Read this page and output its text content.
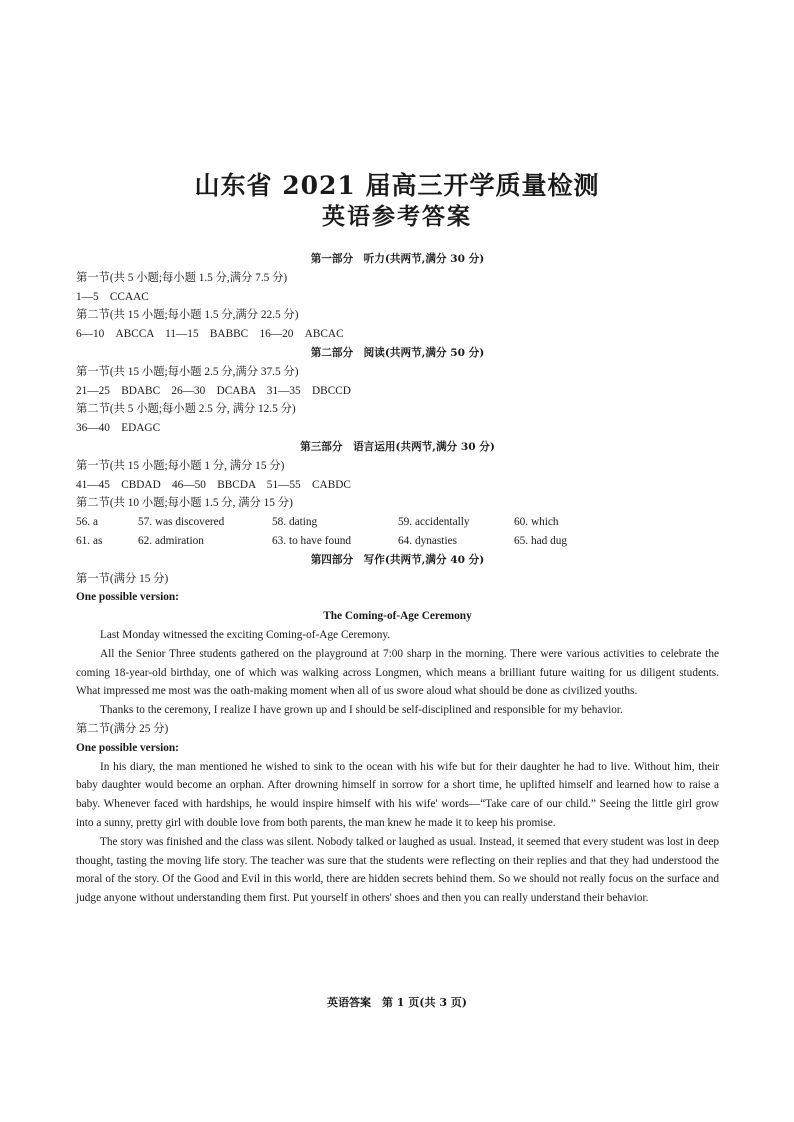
山东省 2021 届高三开学质量检测
英语参考答案
第一部分　听力(共两节,满分 30 分)
第一节(共 5 小题;每小题 1.5 分,满分 7.5 分)
1—5　CCAAC
第二节(共 15 小题;每小题 1.5 分,满分 22.5 分)
6—10　ABCCA　11—15　BABBC　16—20　ABCAC
第二部分　阅读(共两节,满分 50 分)
第一节(共 15 小题;每小题 2.5 分,满分 37.5 分)
21—25　BDABC　26—30　DCABA　31—35　DBCCD
第二节(共 5 小题;每小题 2.5 分, 满分 12.5 分)
36—40　EDAGC
第三部分　语言运用(共两节,满分 30 分)
第一节(共 15 小题;每小题 1 分, 满分 15 分)
41—45　CBDAD　46—50　BBCDA　51—55　CABDC
第二节(共 10 小题;每小题 1.5 分, 满分 15 分)
56. a	57. was discovered	58. dating	59. accidentally	60. which
61. as	62. admiration	63. to have found	64. dynasties	65. had dug
第四部分　写作(共两节,满分 40 分)
第一节(满分 15 分)
One possible version:
The Coming-of-Age Ceremony

Last Monday witnessed the exciting Coming-of-Age Ceremony.

All the Senior Three students gathered on the playground at 7:00 sharp in the morning. There were various activities to celebrate the coming 18-year-old birthday, one of which was walking across Longmen, which means a brilliant future waiting for us diligent students. What impressed me most was the oath-making moment when all of us swore aloud what should be done as civilized youths.

Thanks to the ceremony, I realize I have grown up and I should be self-disciplined and responsible for my behavior.

第二节(满分 25 分)
One possible version:

In his diary, the man mentioned he wished to sink to the ocean with his wife but for their daughter he had to live. Without him, their baby daughter would become an orphan. After drowning himself in sorrow for a short time, he uplifted himself and learned how to raise a baby. Whenever faced with hardships, he would inspire himself with his wife' words—“Take care of our child.” Seeing the little girl grow into a sunny, pretty girl with double love from both parents, the man knew he made it to keep his promise.

The story was finished and the class was silent. Nobody talked or laughed as usual. Instead, it seemed that every student was lost in deep thought, tasting the moving life story. The teacher was sure that the students were reflecting on their replies and that they had understood the moral of the story. Of the Good and Evil in this world, there are hidden secrets behind them. So we should not really focus on the surface and judge anyone without understanding them first. Put yourself in others' shoes and then you can really understand their behavior.

英语答案　第 1 页(共 3 页)
